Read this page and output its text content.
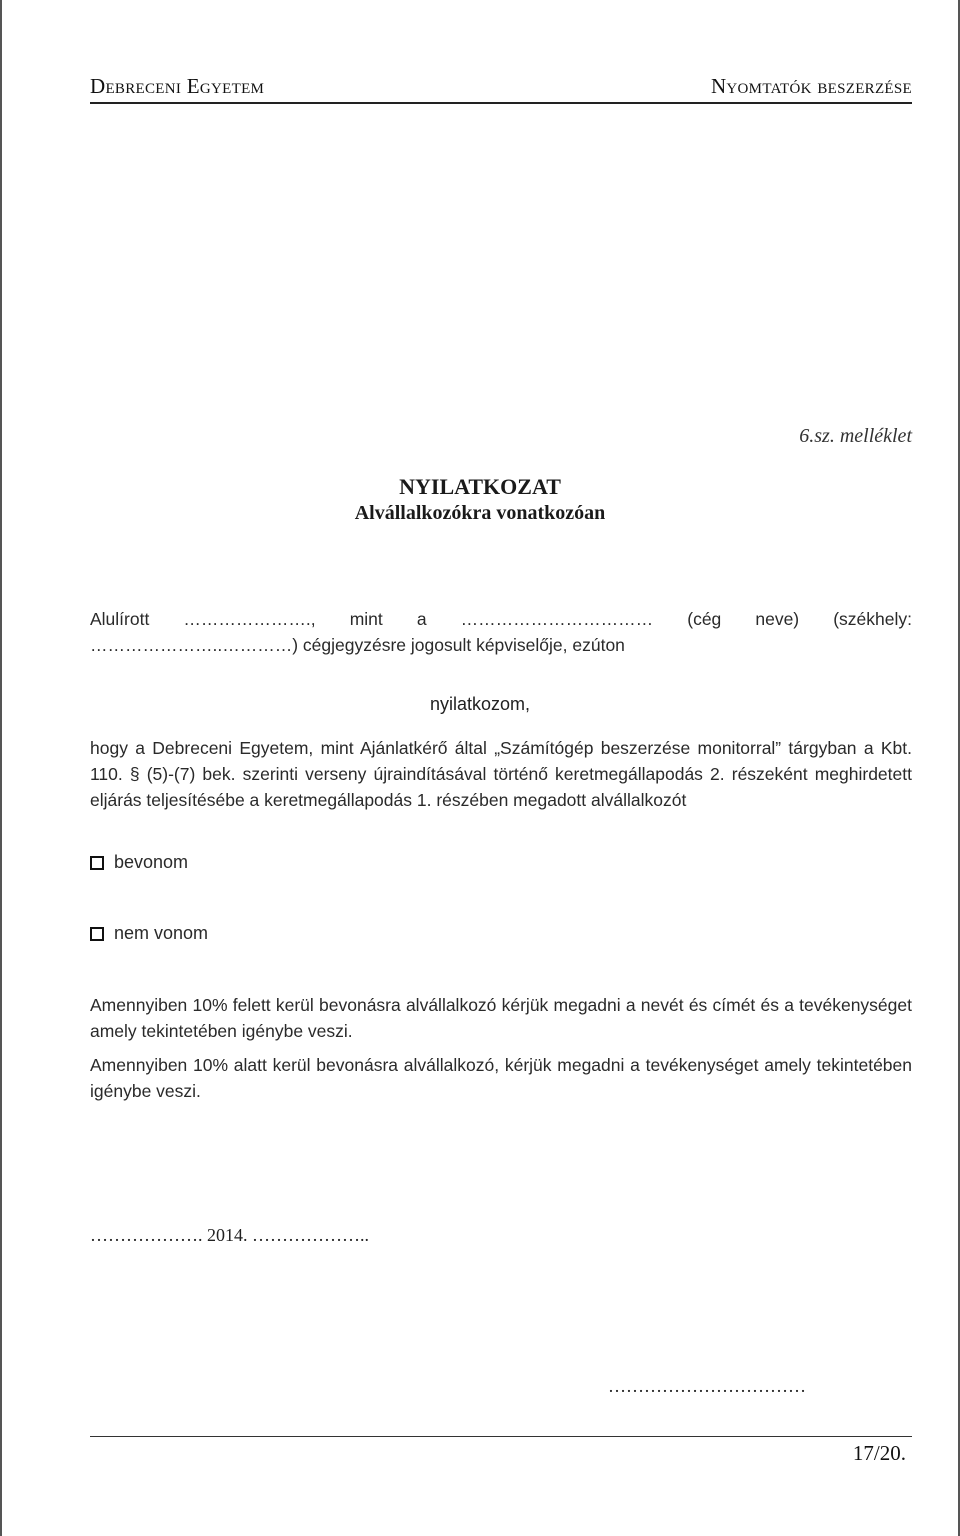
Debreceni Egyetem	Nyomtatók beszerzése
6.sz. melléklet
NYILATKOZAT
Alvállalkozókra vonatkozóan
Alulírott …………………., mint a …………………………… (cég neve) (székhely: …………………..…………) cégjegyzésre jogosult képviselője, ezúton
nyilatkozom,
hogy a Debreceni Egyetem, mint Ajánlatkérő által „Számítógép beszerzése monitorral” tárgyban a Kbt. 110. § (5)-(7) bek. szerinti verseny újraindításával történő keretmegállapodás 2. részeként meghirdetett eljárás teljesítésébe a keretmegállapodás 1. részében megadott alvállalkozót
bevonom
nem vonom
Amennyiben 10% felett kerül bevonásra alvállalkozó kérjük megadni a nevét és címét és a tevékenységet amely tekintetében igénybe veszi.
Amennyiben 10% alatt kerül bevonásra alvállalkozó, kérjük megadni a tevékenységet amely tekintetében igénybe veszi.
………………. 2014. ………………..
……………………………
17/20.
